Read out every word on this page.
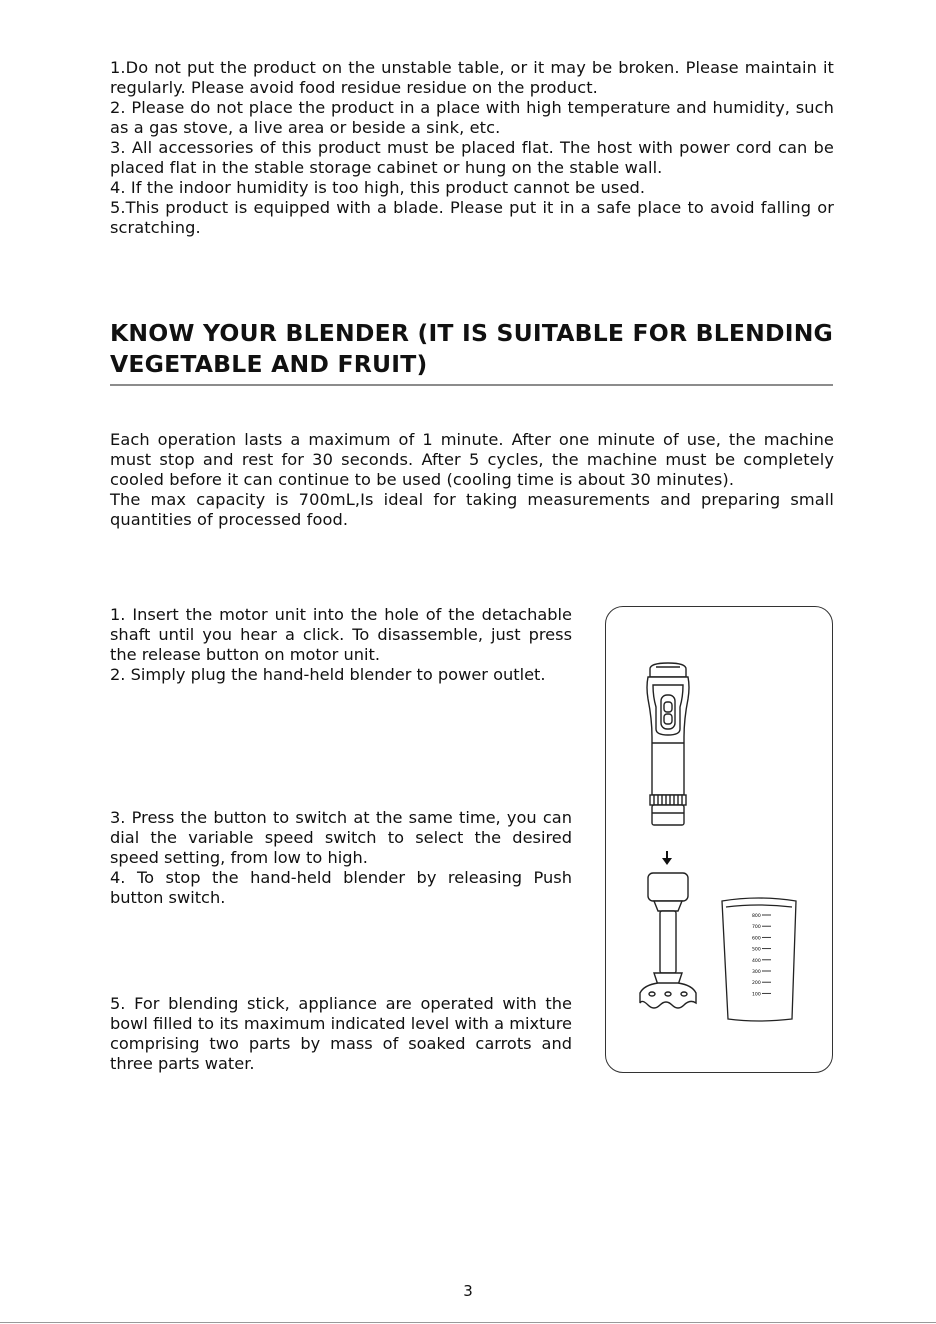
1.Do not put the product on the unstable table, or it may be broken. Please maintain it regularly. Please avoid food residue residue on the product.

2. Please do not place the product in a place with high temperature and humidity, such as a gas stove, a live area or beside a sink, etc.

3. All accessories of this product must be placed flat. The host with power cord can be placed flat in the stable storage cabinet or hung on the stable wall.

4. If the indoor humidity is too high, this product cannot be used.

5.This product is equipped with a blade. Please put it in a safe place to avoid falling or scratching.

KNOW YOUR BLENDER (IT IS SUITABLE FOR BLENDING
VEGETABLE AND FRUIT)

Each operation lasts a maximum of 1 minute. After one minute of use, the machine must stop and rest for 30 seconds. After 5 cycles, the machine must be completely cooled before it can continue to be used (cooling time is about 30 minutes).

The max capacity is 700mL,Is ideal for taking measurements and preparing small quantities of processed food.

1. Insert the motor unit into the hole of the detachable shaft until you hear a click. To disassemble, just press the release button on motor unit.

2. Simply plug the hand-held blender to power outlet.

3. Press the button to switch at the same time, you can dial the variable speed switch to select the desired speed setting, from low to high.

4. To stop the hand-held blender by releasing Push button switch.

5. For blending stick, appliance are operated with the bowl filled to its maximum indicated level with a mixture comprising two parts by mass of soaked carrots and three parts water.

800
700
600
500
400
300
200
100
3
